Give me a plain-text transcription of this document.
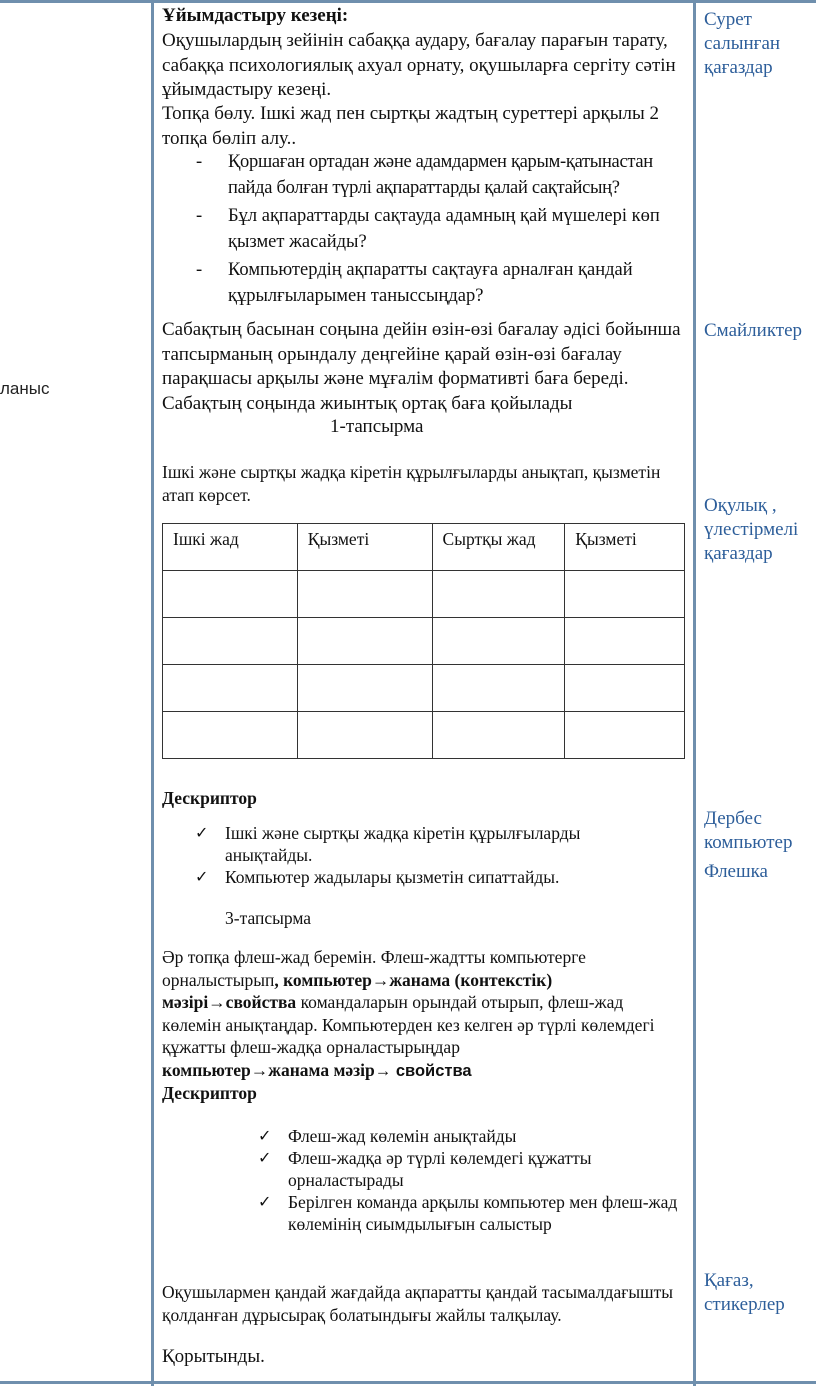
ланыс
Ұйымдастыру кезеңі:
Оқушылардың зейінін сабаққа аудару, бағалау парағын тарату, сабаққа психологиялық ахуал орнату, оқушыларға сергіту сәтін ұйымдастыру кезеңі.
Топқа бөлу. Ішкі жад пен сыртқы жадтың суреттері арқылы 2 топқа бөліп алу..
- Қоршаған ортадан және адамдармен қарым-қатынастан пайда болған түрлі ақпараттарды қалай сақтайсың?
- Бұл ақпараттарды сақтауда адамның қай мүшелері көп қызмет жасайды?
- Компьютердің ақпаратты сақтауға арналған қандай құрылғыларымен таныссыңдар?
Сабақтың басынан соңына дейін өзін-өзі бағалау әдісі бойынша тапсырманың орындалу деңгейіне қарай өзін-өзі бағалау парақшасы арқылы және мұғалім формативті баға береді. Сабақтың соңында жиынтық ортақ баға қойылады
1-тапсырма
Ішкі және сыртқы жадқа кіретін құрылғыларды анықтап, қызметін атап көрсет.
Ішкі жад	Қызметі	Сыртқы жад	Қызметі

Дескриптор
✓ Ішкі және сыртқы жадқа кіретін құрылғыларды анықтайды.
✓ Компьютер жадылары қызметін сипаттайды.
3-тапсырма
Әр топқа флеш-жад беремін. Флеш-жадтты компьютерге орналыстырып, компьютер→жанама (контекстік) мәзірі→свойства командаларын орындай отырып, флеш-жад көлемін анықтаңдар. Компьютерден кез келген әр түрлі көлемдегі құжатты флеш-жадқа орналастырыңдар
компьютер→жанама мәзір→ свойства
Дескриптор
✓ Флеш-жад көлемін анықтайды
✓ Флеш-жадқа әр түрлі көлемдегі құжатты орналастырады
✓ Берілген команда арқылы компьютер мен флеш-жад көлемінің сиымдылығын салыстыр
Оқушылармен қандай жағдайда ақпаратты қандай тасымалдағышты қолданған дұрысырақ болатындығы жайлы талқылау.
Қорытынды.
Сурет салынған қағаздар
Смайликтер
Оқулық , үлестірмелі қағаздар
Дербес компьютер
Флешка
Қағаз, стикерлер
